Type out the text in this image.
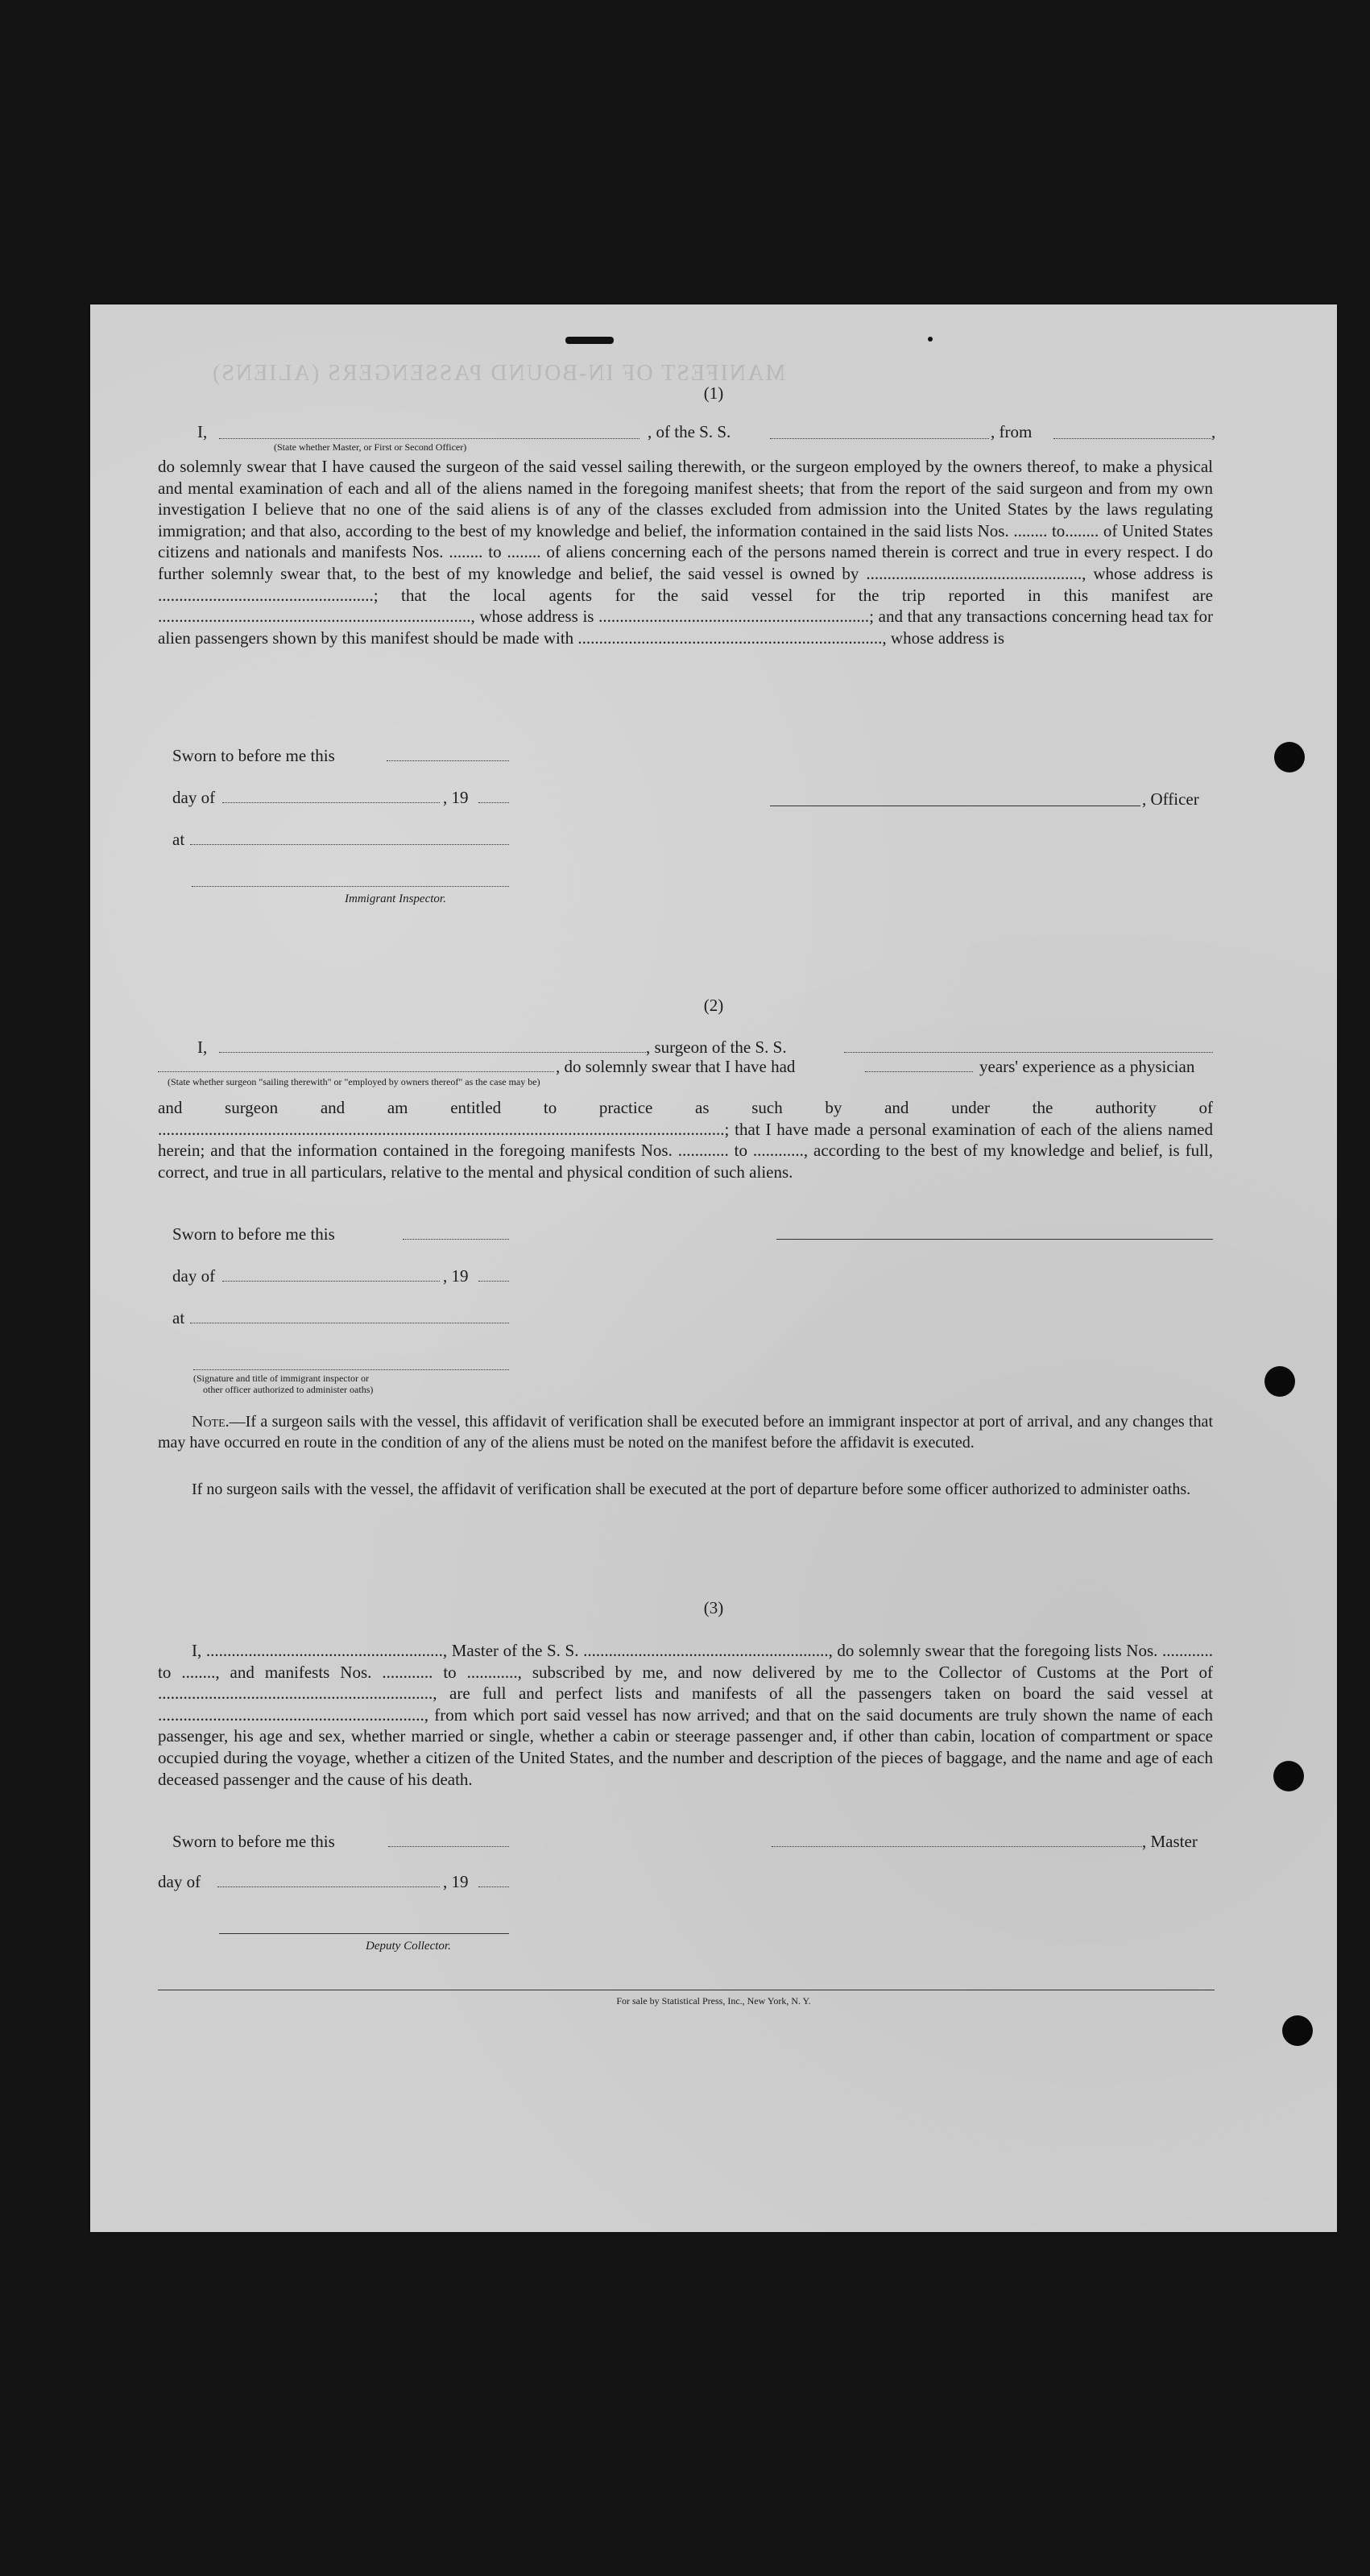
MANIFEST OF IN-BOUND PASSENGERS (ALIENS)
(1)
I,	, of the S. S.	, from	,
(State whether Master, or First or Second Officer)
do solemnly swear that I have caused the surgeon of the said vessel sailing therewith, or the surgeon employed by the owners thereof, to make a physical and mental examination of each and all of the aliens named in the foregoing manifest sheets; that from the report of the said surgeon and from my own investigation I believe that no one of the said aliens is of any of the classes excluded from admission into the United States by the laws regulating immigration; and that also, according to the best of my knowledge and belief, the information contained in the said lists Nos. ........ to........ of United States citizens and nationals and manifests Nos. ........ to ........ of aliens concerning each of the persons named therein is correct and true in every respect. I do further solemnly swear that, to the best of my knowledge and belief, the said vessel is owned by ..................................................., whose address is ...................................................; that the local agents for the said vessel for the trip reported in this manifest are .........................................................................., whose address is ................................................................; and that any transactions concerning head tax for alien passengers shown by this manifest should be made with ........................................................................, whose address is
Sworn to before me this
day of	, 19
at
, Officer
Immigrant Inspector.
(2)
I,	, surgeon of the S. S.
, do solemnly swear that I have had	years' experience as a physician
(State whether surgeon "sailing therewith" or "employed by owners thereof" as the case may be)
and surgeon and am entitled to practice as such by and under the authority of ......................................................................................................................................; that I have made a personal examination of each of the aliens named herein; and that the information contained in the foregoing manifests Nos. ............ to ............, according to the best of my knowledge and belief, is full, correct, and true in all particulars, relative to the mental and physical condition of such aliens.
Sworn to before me this
day of	, 19
at
(Signature and title of immigrant inspector or
other officer authorized to administer oaths)
Note.—If a surgeon sails with the vessel, this affidavit of verification shall be executed before an immigrant inspector at port of arrival, and any changes that may have occurred en route in the condition of any of the aliens must be noted on the manifest before the affidavit is executed.
If no surgeon sails with the vessel, the affidavit of verification shall be executed at the port of departure before some officer authorized to administer oaths.
(3)
I, ........................................................, Master of the S. S. .........................................................., do solemnly swear that the foregoing lists Nos. ............ to ........, and manifests Nos. ............ to ............, subscribed by me, and now delivered by me to the Collector of Customs at the Port of ................................................................., are full and perfect lists and manifests of all the passengers taken on board the said vessel at ..............................................................., from which port said vessel has now arrived; and that on the said documents are truly shown the name of each passenger, his age and sex, whether married or single, whether a cabin or steerage passenger and, if other than cabin, location of compartment or space occupied during the voyage, whether a citizen of the United States, and the number and description of the pieces of baggage, and the name and age of each deceased passenger and the cause of his death.
Sworn to before me this	, Master
day of	, 19
Deputy Collector.
For sale by Statistical Press, Inc., New York, N. Y.
